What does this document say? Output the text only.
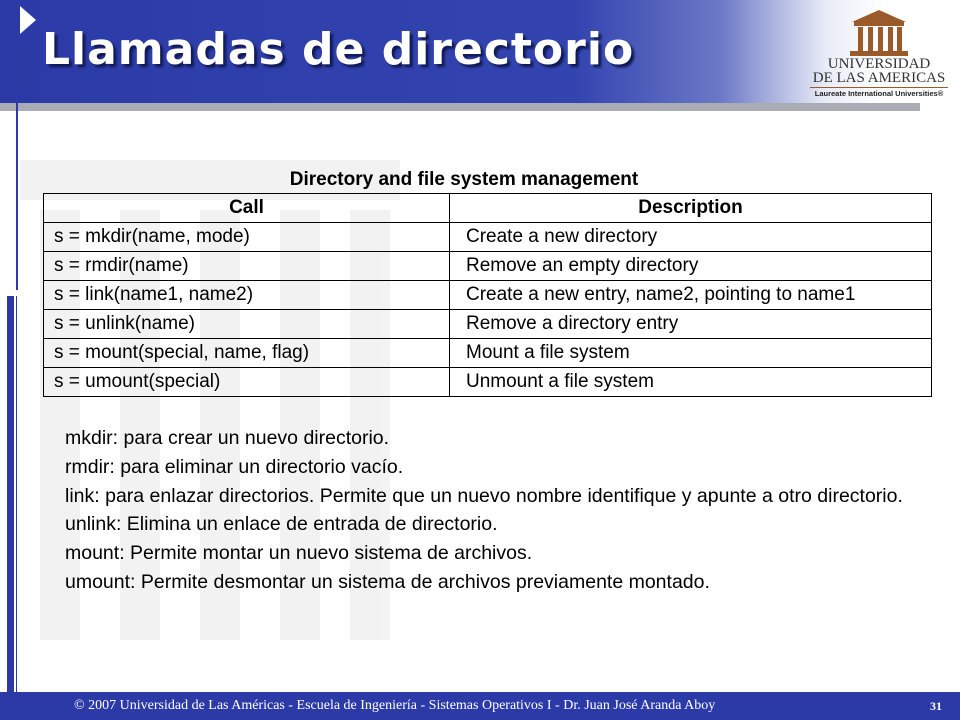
Llamadas de directorio	UNIVERSIDAD
DE LAS AMERICAS
Laureate International Universities®
Directory and file system management
Call	Description
s = mkdir(name, mode)	Create a new directory
s = rmdir(name)	Remove an empty directory
s = link(name1, name2)	Create a new entry, name2, pointing to name1
s = unlink(name)	Remove a directory entry
s = mount(special, name, flag)	Mount a file system
s = umount(special)	Unmount a file system

mkdir: para crear un nuevo directorio.

rmdir: para eliminar un directorio vacío.

link: para enlazar directorios. Permite que un nuevo nombre identifique y apunte a otro directorio.

unlink: Elimina un enlace de entrada de directorio.

mount: Permite montar un nuevo sistema de archivos.

umount: Permite desmontar un sistema de archivos previamente montado.

© 2007 Universidad de Las Américas - Escuela de Ingeniería - Sistemas Operativos I - Dr. Juan José Aranda Aboy	31
